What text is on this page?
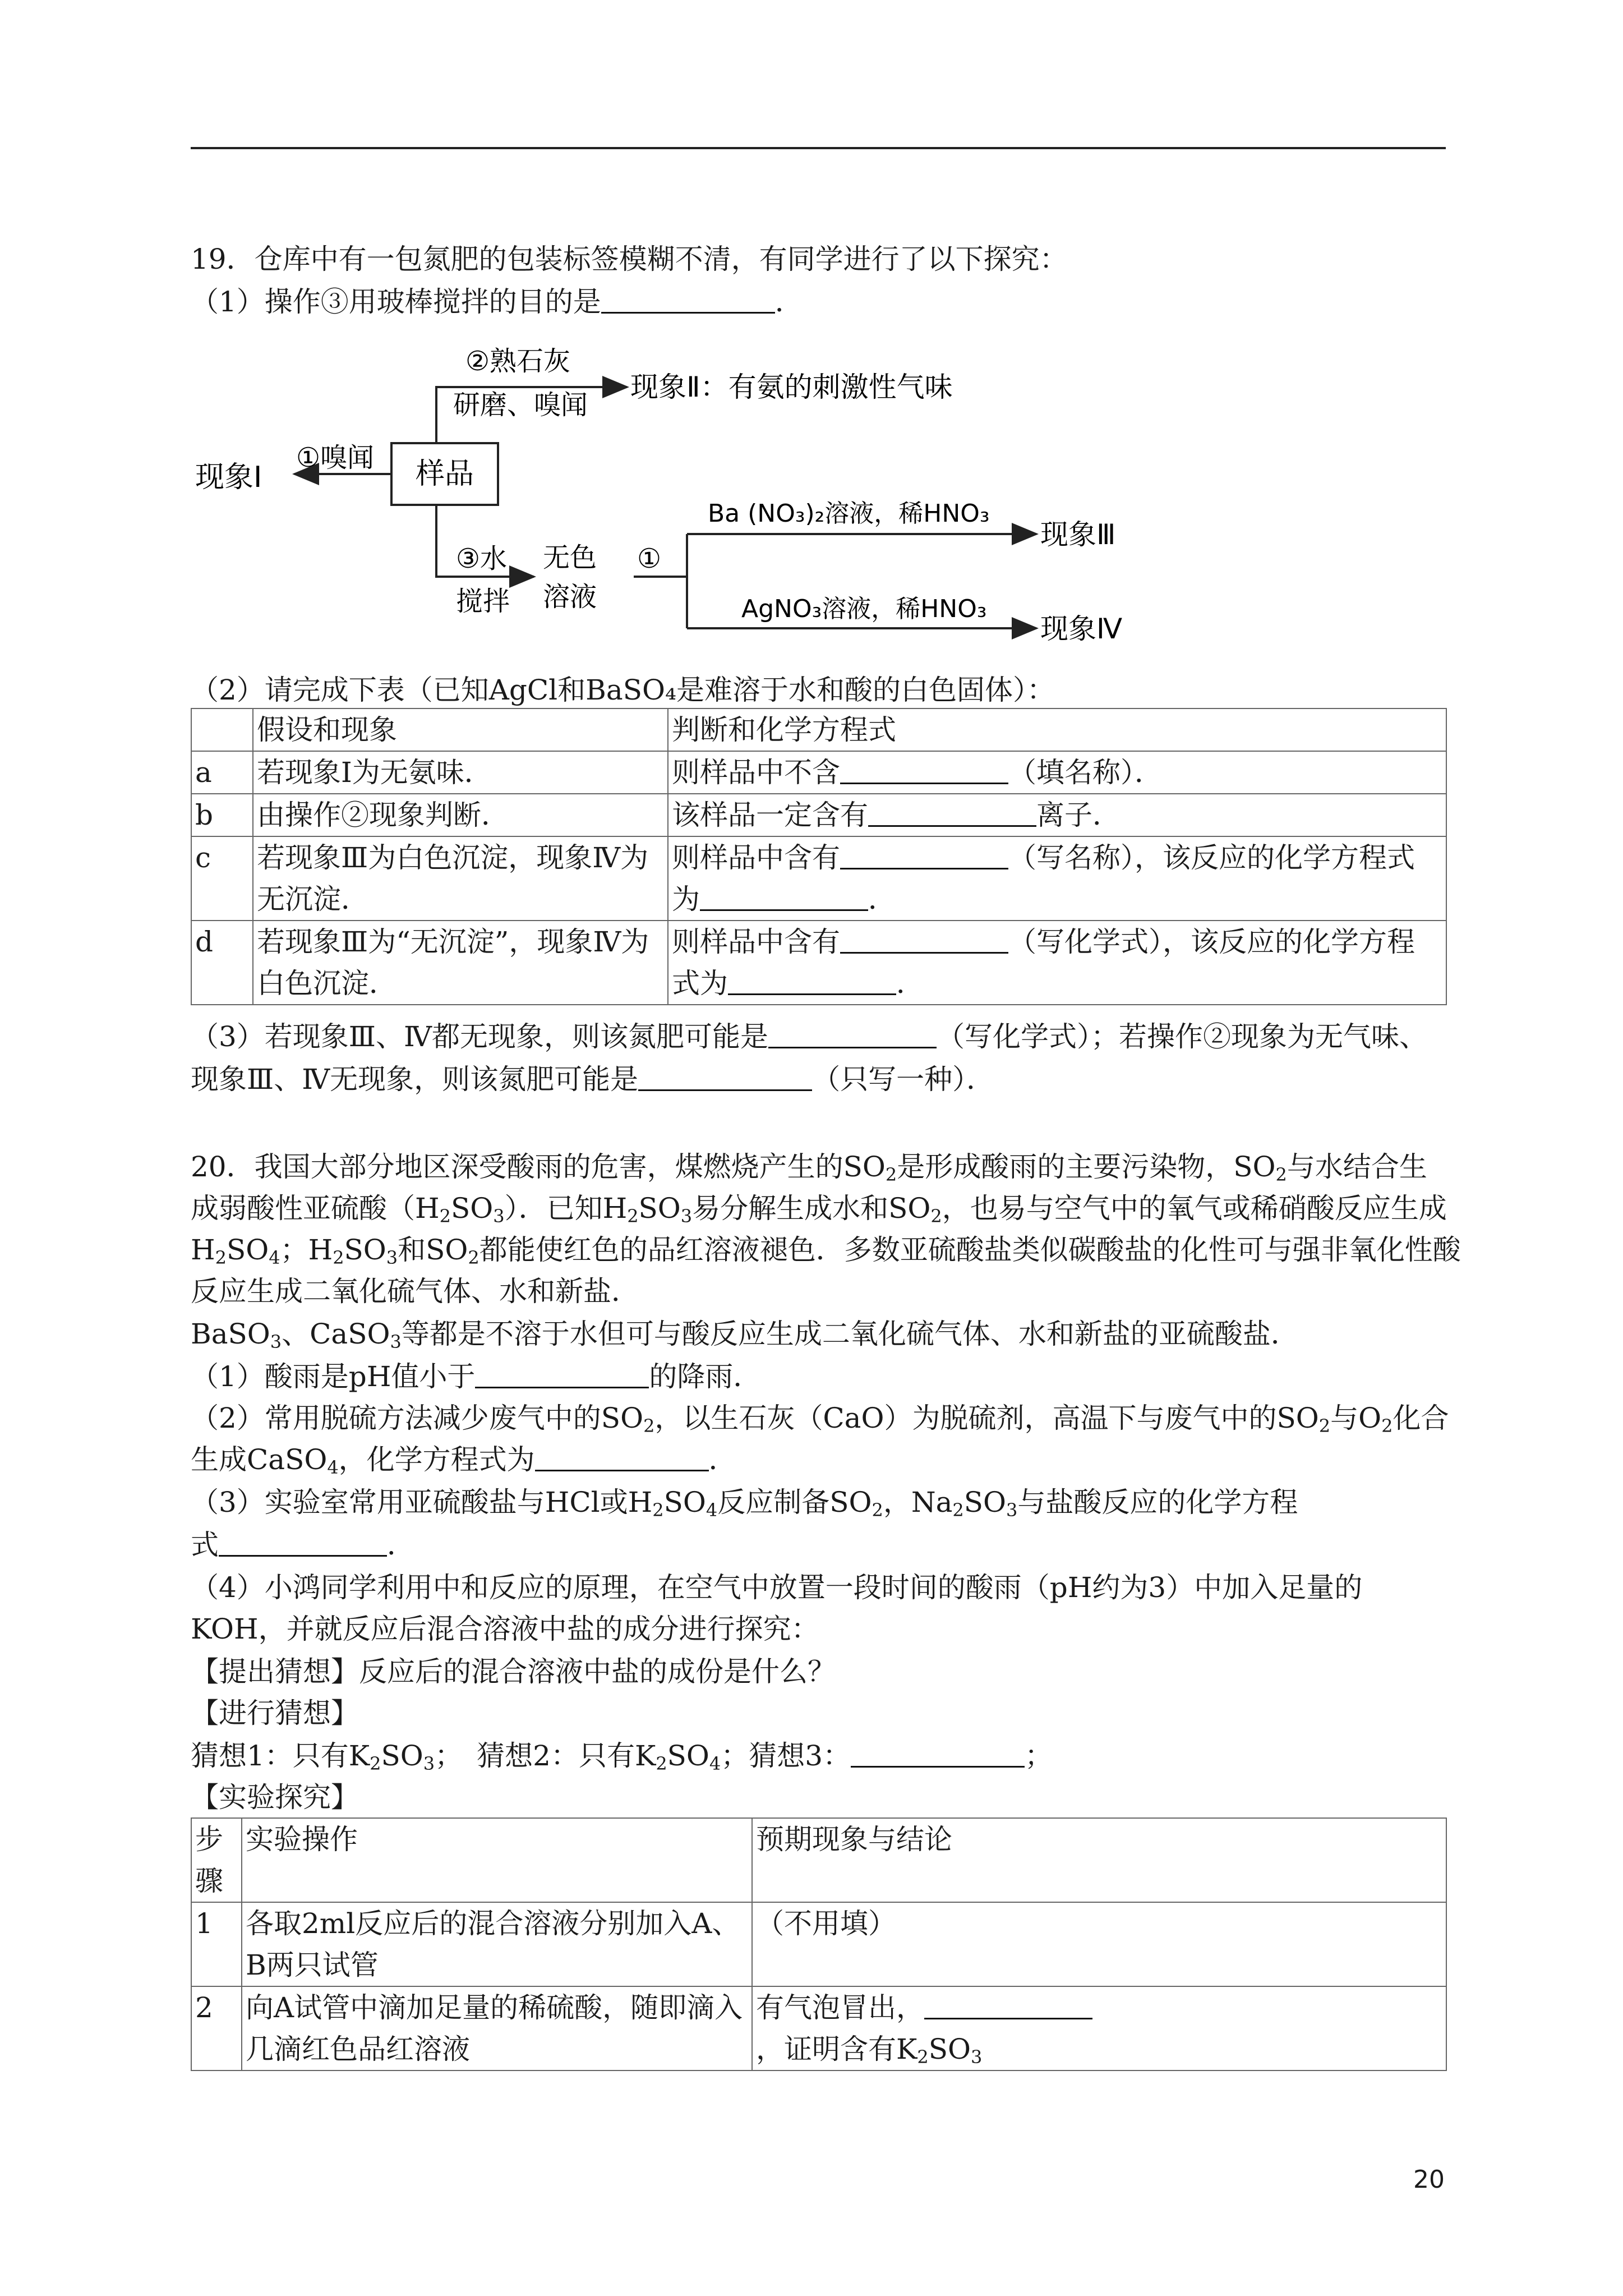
19．仓库中有一包氮肥的包装标签模糊不清，有同学进行了以下探究：
（1）操作③用玻棒搅拌的目的是	．
样品
①嗅闻
现象Ⅰ
②熟石灰
研磨、嗅闻
现象Ⅱ：有氨的刺激性气味
③水
搅拌
无色
溶液
①
Ba (NO₃)₂溶液，稀HNO₃
AgNO₃溶液，稀HNO₃
现象Ⅲ
现象Ⅳ
（2）请完成下表（已知AgCl和BaSO₄是难溶于水和酸的白色固体）：
	假设和现象	判断和化学方程式
a	若现象Ⅰ为无氨味．	则样品中不含 （填名称）．
b	由操作②现象判断．	该样品一定含有 离子．
c	若现象Ⅲ为白色沉淀，现象Ⅳ为
无沉淀．	则样品中含有 （写名称），该反应的化学方程式
为 ．
d	若现象Ⅲ为“无沉淀”，现象Ⅳ为
白色沉淀．	则样品中含有 （写化学式），该反应的化学方程
式为 ．
（3）若现象Ⅲ、Ⅳ都无现象，则该氮肥可能是	（写化学式）；若操作②现象为无气味、
现象Ⅲ、Ⅳ无现象，则该氮肥可能是	（只写一种）．
20．我国大部分地区深受酸雨的危害，煤燃烧产生的$SO_2$是形成酸雨的主要污染物，$SO_2$与水结合生
成弱酸性亚硫酸$(H_2SO_3)$．已知$H_2SO_3$易分解生成水和$SO_2$，也易与空气中的氧气或稀硝酸反应生成
$H_2SO_4$；$H_2SO_3$和$SO_2$都能使红色的品红溶液褪色．多数亚硫酸盐类似碳酸盐的化性可与强非氧化性酸
反应生成二氧化硫气体、水和新盐．
BaSO$_3$、CaSO$_3$等都是不溶于水但可与酸反应生成二氧化硫气体、水和新盐的亚硫酸盐．
（1）酸雨是pH值小于	的降雨．
（2）常用脱硫方法减少废气中的$SO_2$，以生石灰（CaO）为脱硫剂，高温下与废气中的$SO_2$与$O_2$化合
生成CaSO$_4$，化学方程式为	．
（3）实验室常用亚硫酸盐与HCl或$H_2SO_4$反应制备$SO_2$，$Na_2SO_3$与盐酸反应的化学方程
式	．
（4）小鸿同学利用中和反应的原理，在空气中放置一段时间的酸雨（pH约为3）中加入足量的
KOH，并就反应后混合溶液中盐的成分进行探究：
【提出猜想】反应后的混合溶液中盐的成份是什么？
【进行猜想】
猜想1：只有$K_2SO_3$；　猜想2：只有$K_2SO_4$；猜想3：	；
【实验探究】
步
骤	实验操作	预期现象与结论
1	各取2ml反应后的混合溶液分别加入A、
B两只试管	（不用填）
2	向A试管中滴加足量的稀硫酸，随即滴入
几滴红色品红溶液	有气泡冒出，
，证明含有$K_2SO_3$
20
